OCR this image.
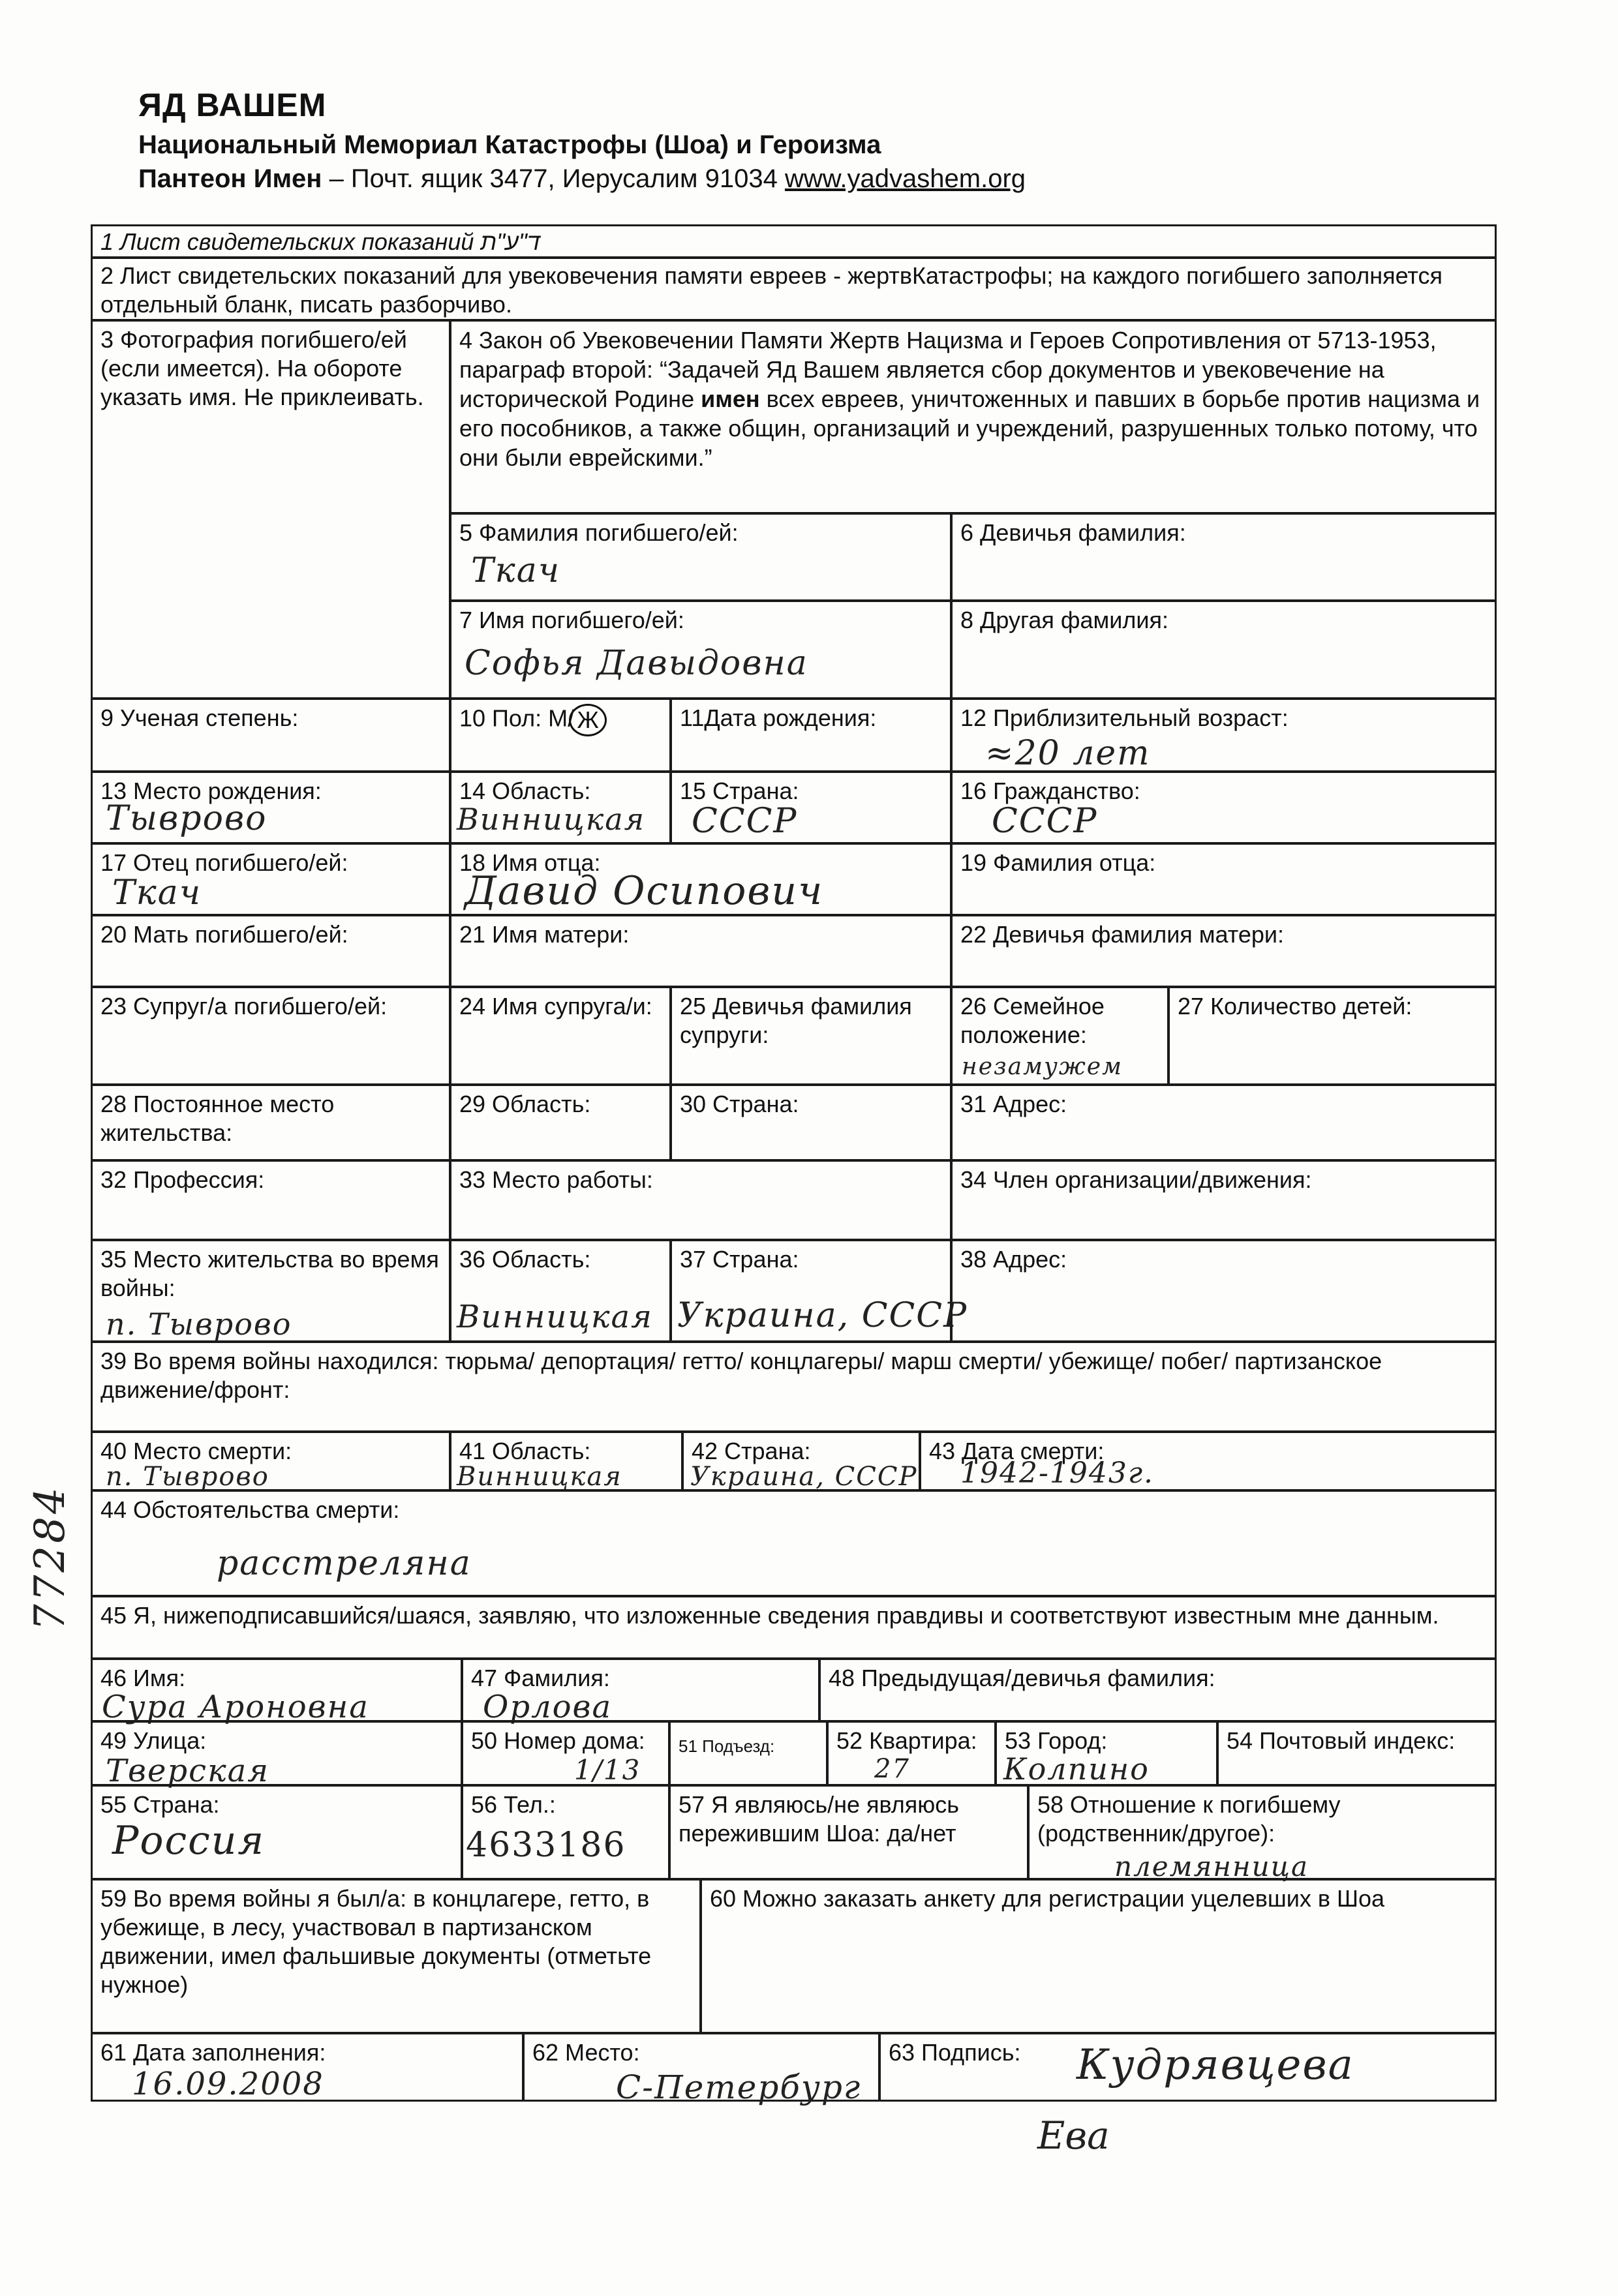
ЯД ВАШЕМ
Национальный Мемориал Катастрофы (Шоа) и Героизма
Пантеон Имен – Почт. ящик 3477, Иерусалим 91034 www.yadvashem.org
1 Лист свидетельских показаний ד"ע"ת
2 Лист свидетельских показаний для увековечения памяти евреев - жертвКатастрофы; на каждого погибшего заполняется отдельный бланк, писать разборчиво.
3 Фотография погибшего/ей (если имеется). На обороте указать имя. Не приклеивать.
4 Закон об Увековечении Памяти Жертв Нацизма и Героев Сопротивления от 5713-1953, параграф второй: “Задачей Яд Вашем является сбор документов и увековечение на исторической Родине имен всех евреев, уничтоженных и павших в борьбе против нацизма и его пособников, а также общин, организаций и учреждений, разрушенных только потому, что они были еврейскими.”
5 Фамилия погибшего/ей:
Ткач
6 Девичья фамилия:
7 Имя погибшего/ей:
Софья Давыдовна
8 Другая фамилия:
9 Ученая степень:	10 Пол: М/ Ж	11Дата рождения:	12 Приблизительный возраст:
≈20 лет
13 Место рождения:
Тыврово
14 Область:
Винницкая
15 Страна:
СССР
16 Гражданство:
СССР
17 Отец погибшего/ей:
Ткач
18 Имя отца:
Давид Осипович
19 Фамилия отца:
20 Мать погибшего/ей:	21 Имя матери:	22 Девичья фамилия матери:
23 Супруг/а погибшего/ей:	24 Имя супруга/и:	25 Девичья фамилия супруги:
26 Семейное положение:
незамужем
27 Количество детей:
28 Постоянное место жительства:
29 Область:	30 Страна:	31 Адрес:
32 Профессия:	33 Место работы:	34 Член организации/движения:
35 Место жительства во время войны:
п. Тыврово
36 Область:
Винницкая
37 Страна:
Украина, СССР
38 Адрес:
39 Во время войны находился: тюрьма/ депортация/ гетто/ концлагеры/ марш смерти/ убежище/ побег/ партизанское движение/фронт:
40 Место смерти:
п. Тыврово
41 Область:
Винницкая
42 Страна:
Украина, СССР
43 Дата смерти:
1942-1943г.
44 Обстоятельства смерти:
расстреляна
45 Я, нижеподписавшийся/шаяся, заявляю, что изложенные сведения правдивы и соответствуют известным мне данным.
46 Имя:
Сура Ароновна
47 Фамилия:
Орлова
48 Предыдущая/девичья фамилия:
49 Улица:
Тверская
50 Номер дома:
1/13
51 Подъезд:	52 Квартира:
27
53 Город:
Колпино
54 Почтовый индекс:
55 Страна:
Россия
56 Тел.:
4633186
57 Я являюсь/не являюсь пережившим Шоа: да/нет
58 Отношение к погибшему (родственник/другое):
племянница
59 Во время войны я был/а: в концлагере, гетто, в убежище, в лесу, участвовал в партизанском движении, имел фальшивые документы (отметьте нужное)
60 Можно заказать анкету для регистрации уцелевших в Шоа
61 Дата заполнения:
16.09.2008
62 Место:
С-Петербург
63 Подпись:	Кудрявцева
Ева
77284
